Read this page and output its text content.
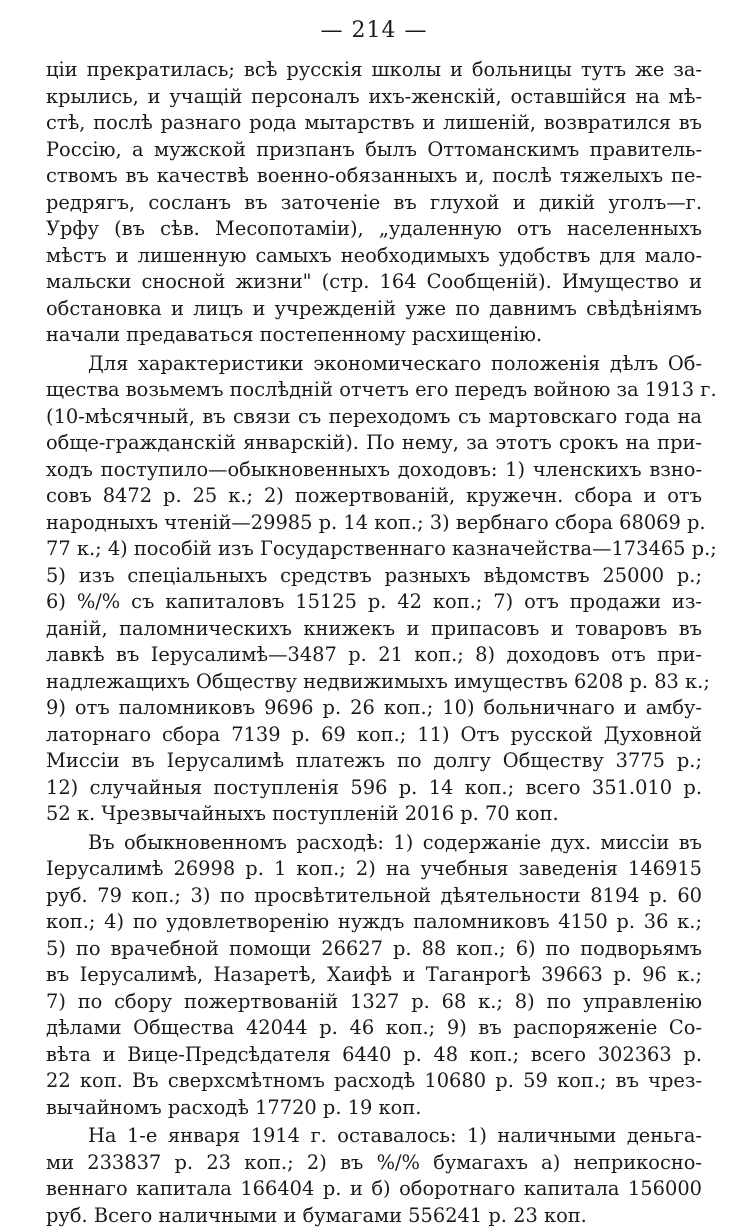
— 214 —
ціи прекратилась; всѣ русскія школы и больницы тутъ же за-
крылись, и учащій персоналъ ихъ-женскій, оставшійся на мѣ-
стѣ, послѣ разнаго рода мытарствъ и лишеній, возвратился въ
Россію, а мужской призпанъ былъ Оттоманскимъ правитель-
ствомъ въ качествѣ военно-обязанныхъ и, послѣ тяжелыхъ пе-
редрягъ, сосланъ въ заточеніе въ глухой и дикій уголъ—г.
Урфу (въ сѣв. Месопотаміи), „удаленную отъ населенныхъ
мѣстъ и лишенную самыхъ необходимыхъ удобствъ для мало-
мальски сносной жизни" (стр. 164 Сообщеній). Имущество и
обстановка и лицъ и учрежденій уже по давнимъ свѣдѣніямъ
начали предаваться постепенному расхищенію.
Для характеристики экономическаго положенія дѣлъ Об-
щества возьмемъ послѣдній отчетъ его передъ войною за 1913 г.
(10-мѣсячный, въ связи съ переходомъ съ мартовскаго года на
обще-гражданскій январскій). По нему, за этотъ срокъ на при-
ходъ поступило—обыкновенныхъ доходовъ: 1) членскихъ взно-
совъ 8472 р. 25 к.; 2) пожертвованій, кружечн. сбора и отъ
народныхъ чтеній—29985 р. 14 коп.; 3) вербнаго сбора 68069 р.
77 к.; 4) пособій изъ Государственнаго казначейства—173465 р.;
5) изъ спеціальныхъ средствъ разныхъ вѣдомствъ 25000 р.;
6) %/% съ капиталовъ 15125 р. 42 коп.; 7) отъ продажи из-
даній, паломническихъ книжекъ и припасовъ и товаровъ въ
лавкѣ въ Іерусалимѣ—3487 р. 21 коп.; 8) доходовъ отъ при-
надлежащихъ Обществу недвижимыхъ имуществъ 6208 р. 83 к.;
9) отъ паломниковъ 9696 р. 26 коп.; 10) больничнаго и амбу-
латорнаго сбора 7139 р. 69 коп.; 11) Отъ русской Духовной
Миссіи въ Іерусалимѣ платежъ по долгу Обществу 3775 р.;
12) случайныя поступленія 596 р. 14 коп.; всего 351.010 р.
52 к. Чрезвычайныхъ поступленій 2016 р. 70 коп.
Въ обыкновенномъ расходѣ: 1) содержаніе дух. миссіи въ
Іерусалимѣ 26998 р. 1 коп.; 2) на учебныя заведенія 146915
руб. 79 коп.; 3) по просвѣтительной дѣятельности 8194 р. 60
коп.; 4) по удовлетворенію нуждъ паломниковъ 4150 р. 36 к.;
5) по врачебной помощи 26627 р. 88 коп.; 6) по подворьямъ
въ Іерусалимѣ, Назаретѣ, Хаифѣ и Таганрогѣ 39663 р. 96 к.;
7) по сбору пожертвованій 1327 р. 68 к.; 8) по управленію
дѣлами Общества 42044 р. 46 коп.; 9) въ распоряженіе Со-
вѣта и Вице-Предсѣдателя 6440 р. 48 коп.; всего 302363 р.
22 коп. Въ сверхсмѣтномъ расходѣ 10680 р. 59 коп.; въ чрез-
вычайномъ расходѣ 17720 р. 19 коп.
На 1-е января 1914 г. оставалось: 1) наличными деньга-
ми 233837 р. 23 коп.; 2) въ %/% бумагахъ а) неприкосно-
веннаго капитала 166404 р. и б) оборотнаго капитала 156000
руб. Всего наличными и бумагами 556241 р. 23 коп.
